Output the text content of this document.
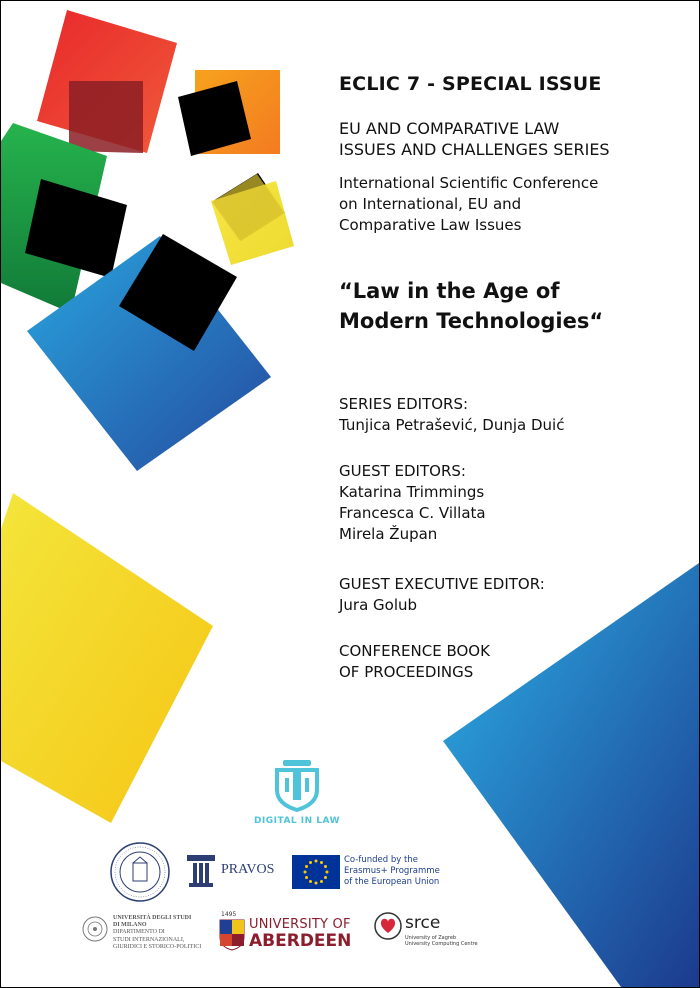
ECLIC 7 - SPECIAL ISSUE
EU AND COMPARATIVE LAW
ISSUES AND CHALLENGES SERIES
International Scientific Conference
on International, EU and
Comparative Law Issues
“Law in the Age of
Modern Technologies“
SERIES EDITORS:
Tunjica Petrašević, Dunja Duić
GUEST EDITORS:
Katarina Trimmings
Francesca C. Villata
Mirela Župan
GUEST EXECUTIVE EDITOR:
Jura Golub
CONFERENCE BOOK
OF PROCEEDINGS
DIGITAL IN LAW
PRAVOS
Co-funded by the
Erasmus+ Programme
of the European Union
UNIVERSITÀ DEGLI STUDI
DI MILANO
DIPARTIMENTO DI
STUDI INTERNAZIONALI,
GIURIDICI E STORICO-POLITICI
1495
UNIVERSITY OF
ABERDEEN
srce
University of Zagreb
University Computing Centre
